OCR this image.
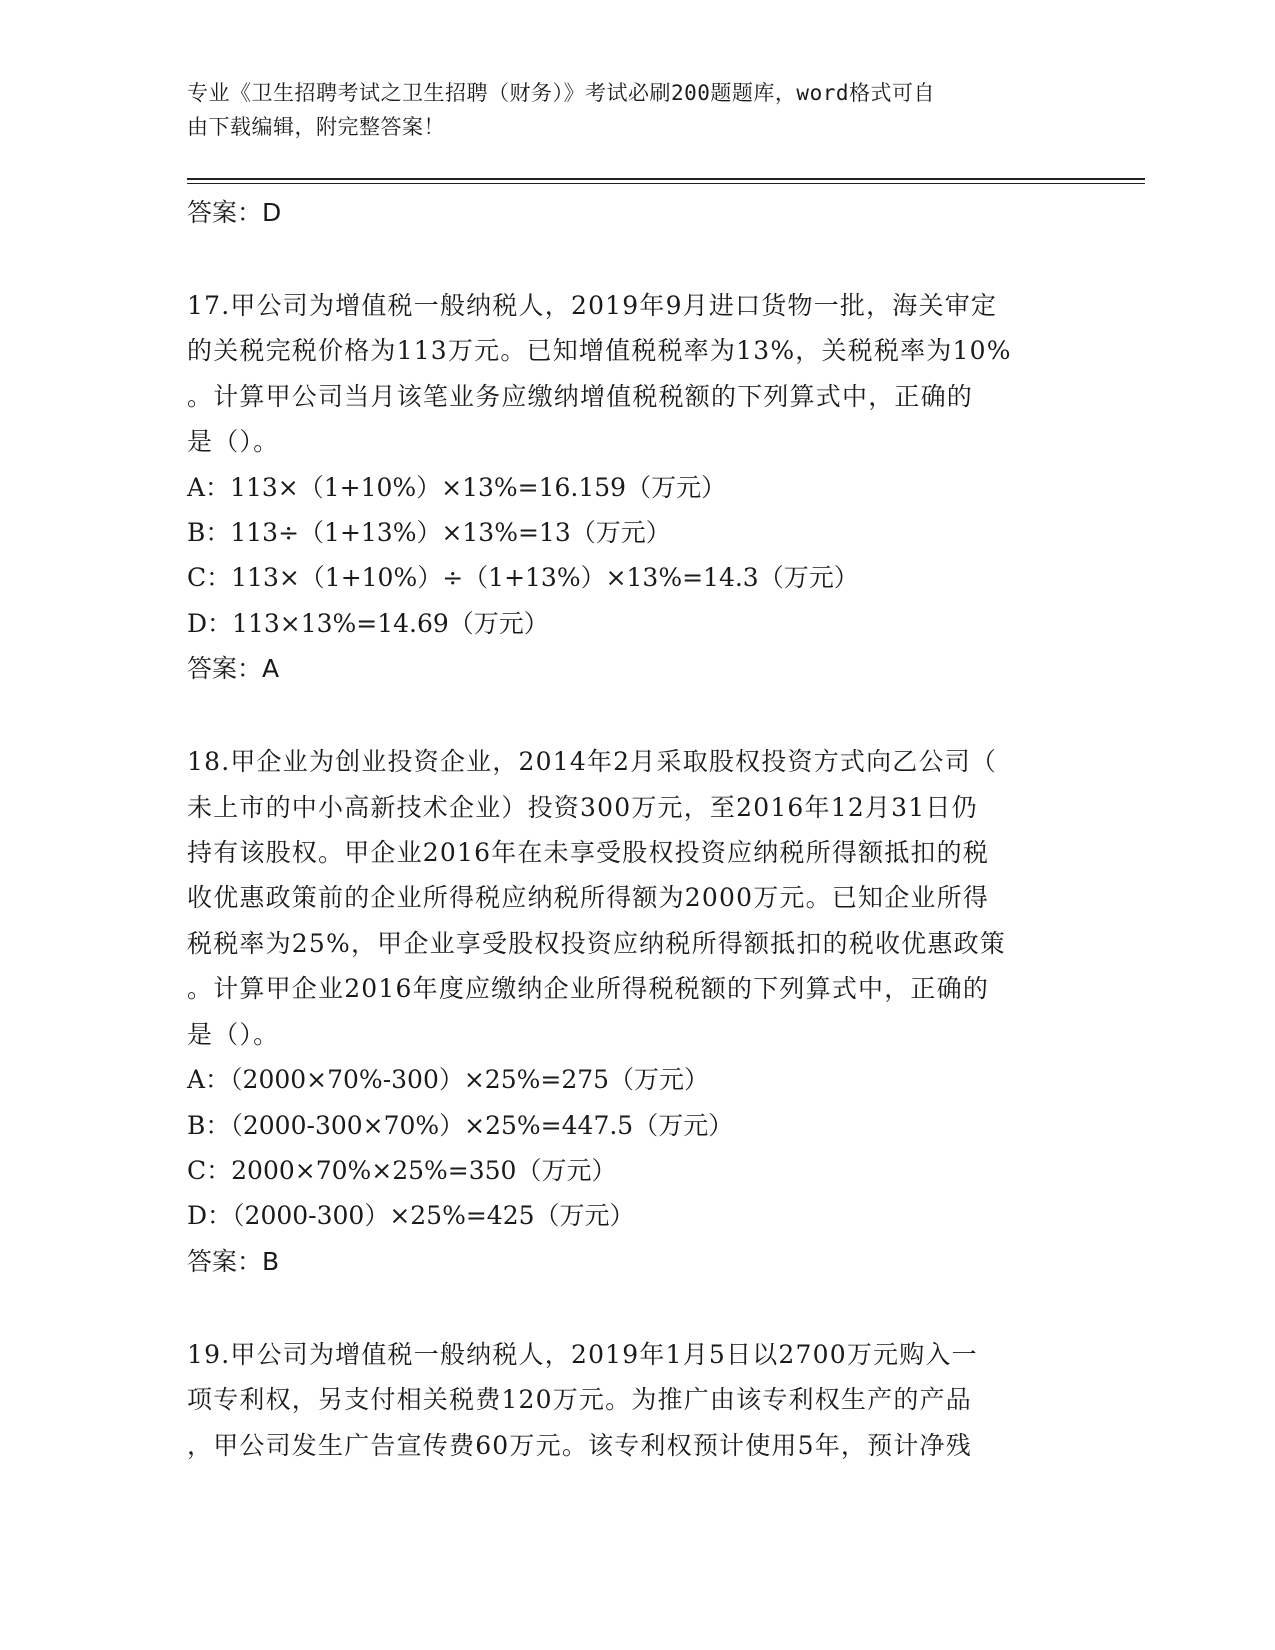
专业《卫生招聘考试之卫生招聘（财务）》考试必刷200题题库，word格式可自
由下载编辑，附完整答案！

答案：D

17.甲公司为增值税一般纳税人，2019年9月进口货物一批，海关审定

的关税完税价格为113万元。已知增值税税率为13%，关税税率为10%

。计算甲公司当月该笔业务应缴纳增值税税额的下列算式中，正确的

是（）。

A：113×（1+10%）×13%=16.159（万元）

B：113÷（1+13%）×13%=13（万元）

C：113×（1+10%）÷（1+13%）×13%=14.3（万元）

D：113×13%=14.69（万元）

答案：A

18.甲企业为创业投资企业，2014年2月采取股权投资方式向乙公司（

未上市的中小高新技术企业）投资300万元，至2016年12月31日仍

持有该股权。甲企业2016年在未享受股权投资应纳税所得额抵扣的税

收优惠政策前的企业所得税应纳税所得额为2000万元。已知企业所得

税税率为25%，甲企业享受股权投资应纳税所得额抵扣的税收优惠政策

。计算甲企业2016年度应缴纳企业所得税税额的下列算式中，正确的

是（）。

A：（2000×70%-300）×25%=275（万元）

B：（2000-300×70%）×25%=447.5（万元）

C：2000×70%×25%=350（万元）

D：（2000-300）×25%=425（万元）

答案：B

19.甲公司为增值税一般纳税人，2019年1月5日以2700万元购入一

项专利权，另支付相关税费120万元。为推广由该专利权生产的产品

，甲公司发生广告宣传费60万元。该专利权预计使用5年，预计净残
